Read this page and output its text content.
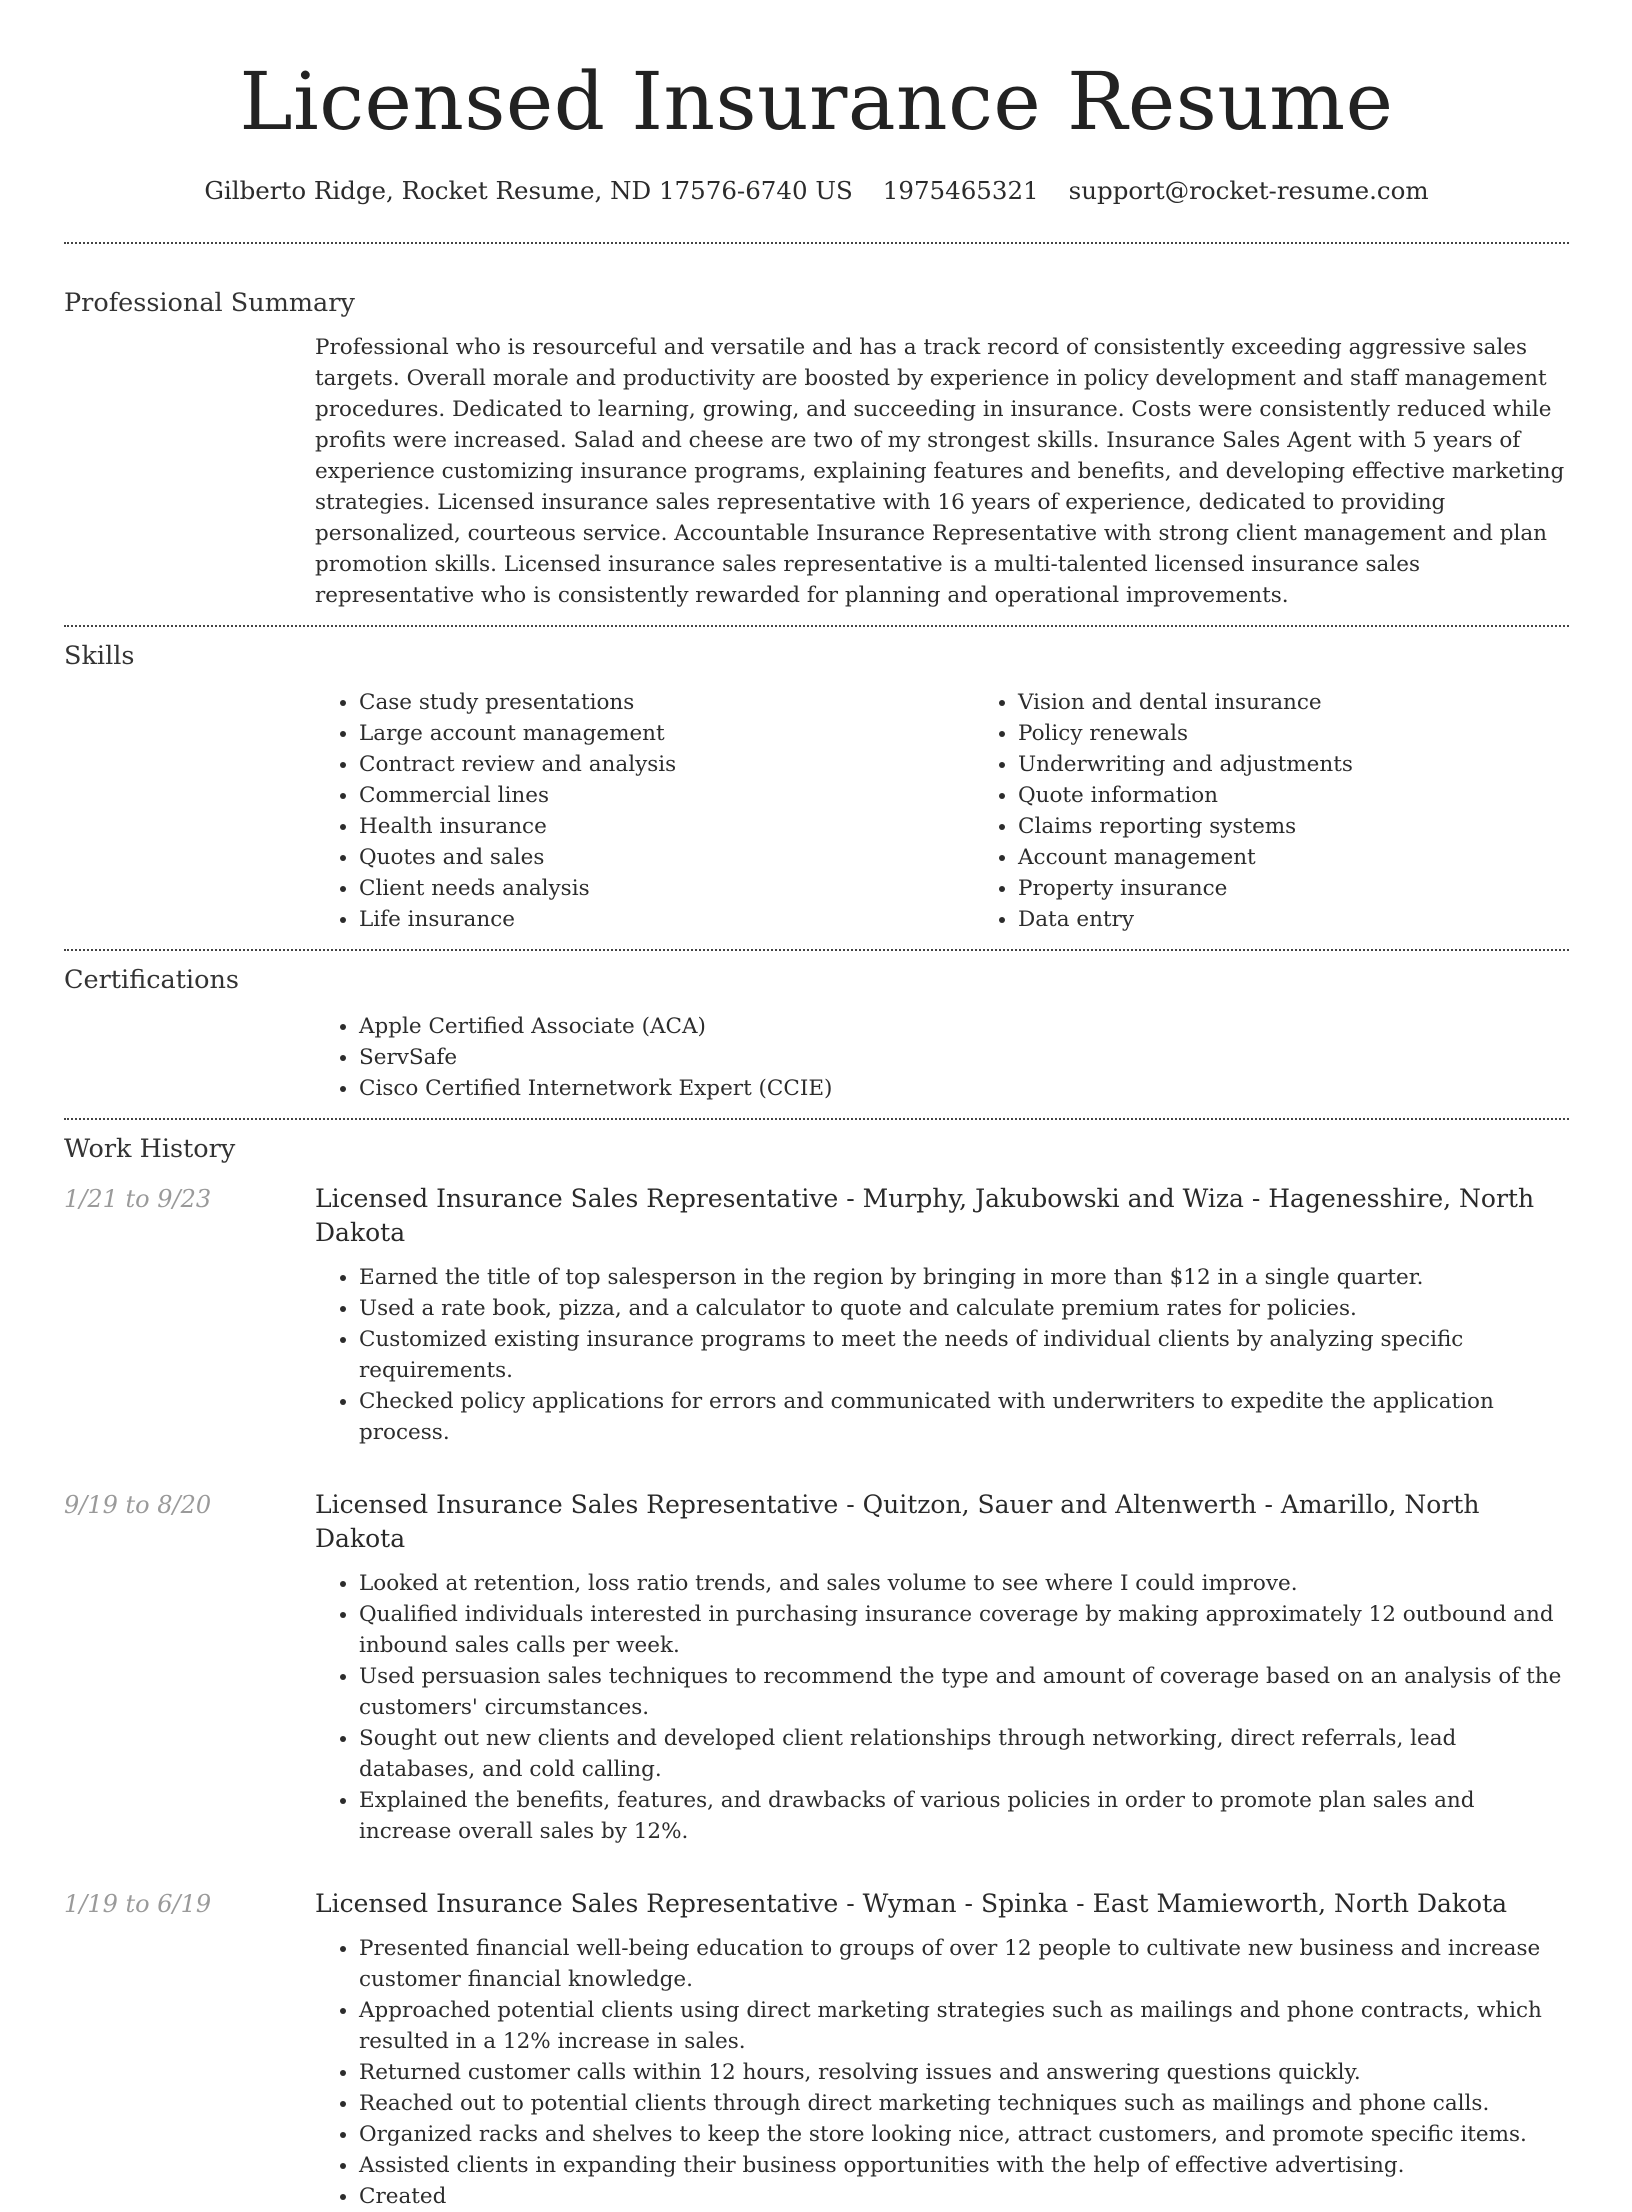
Licensed Insurance Resume
Gilberto Ridge, Rocket Resume, ND 17576-6740 US 1975465321 support@rocket-resume.com
Professional Summary
Professional who is resourceful and versatile and has a track record of consistently exceeding aggressive sales targets. Overall morale and productivity are boosted by experience in policy development and staff management procedures. Dedicated to learning, growing, and succeeding in insurance. Costs were consistently reduced while profits were increased. Salad and cheese are two of my strongest skills. Insurance Sales Agent with 5 years of experience customizing insurance programs, explaining features and benefits, and developing effective marketing strategies. Licensed insurance sales representative with 16 years of experience, dedicated to providing personalized, courteous service. Accountable Insurance Representative with strong client management and plan promotion skills. Licensed insurance sales representative is a multi-talented licensed insurance sales representative who is consistently rewarded for planning and operational improvements.
Skills
• Case study presentations
• Large account management
• Contract review and analysis
• Commercial lines
• Health insurance
• Quotes and sales
• Client needs analysis
• Life insurance
• Vision and dental insurance
• Policy renewals
• Underwriting and adjustments
• Quote information
• Claims reporting systems
• Account management
• Property insurance
• Data entry
Certifications
• Apple Certified Associate (ACA)
• ServSafe
• Cisco Certified Internetwork Expert (CCIE)
Work History
1/21 to 9/23	Licensed Insurance Sales Representative - Murphy, Jakubowski and Wiza - Hagenesshire, North Dakota
• Earned the title of top salesperson in the region by bringing in more than $12 in a single quarter.
• Used a rate book, pizza, and a calculator to quote and calculate premium rates for policies.
• Customized existing insurance programs to meet the needs of individual clients by analyzing specific requirements.
• Checked policy applications for errors and communicated with underwriters to expedite the application process.
9/19 to 8/20	Licensed Insurance Sales Representative - Quitzon, Sauer and Altenwerth - Amarillo, North Dakota
• Looked at retention, loss ratio trends, and sales volume to see where I could improve.
• Qualified individuals interested in purchasing insurance coverage by making approximately 12 outbound and inbound sales calls per week.
• Used persuasion sales techniques to recommend the type and amount of coverage based on an analysis of the customers' circumstances.
• Sought out new clients and developed client relationships through networking, direct referrals, lead databases, and cold calling.
• Explained the benefits, features, and drawbacks of various policies in order to promote plan sales and increase overall sales by 12%.
1/19 to 6/19	Licensed Insurance Sales Representative - Wyman - Spinka - East Mamieworth, North Dakota
• Presented financial well-being education to groups of over 12 people to cultivate new business and increase customer financial knowledge.
• Approached potential clients using direct marketing strategies such as mailings and phone contracts, which resulted in a 12% increase in sales.
• Returned customer calls within 12 hours, resolving issues and answering questions quickly.
• Reached out to potential clients through direct marketing techniques such as mailings and phone calls.
• Organized racks and shelves to keep the store looking nice, attract customers, and promote specific items.
• Assisted clients in expanding their business opportunities with the help of effective advertising.
• Created
